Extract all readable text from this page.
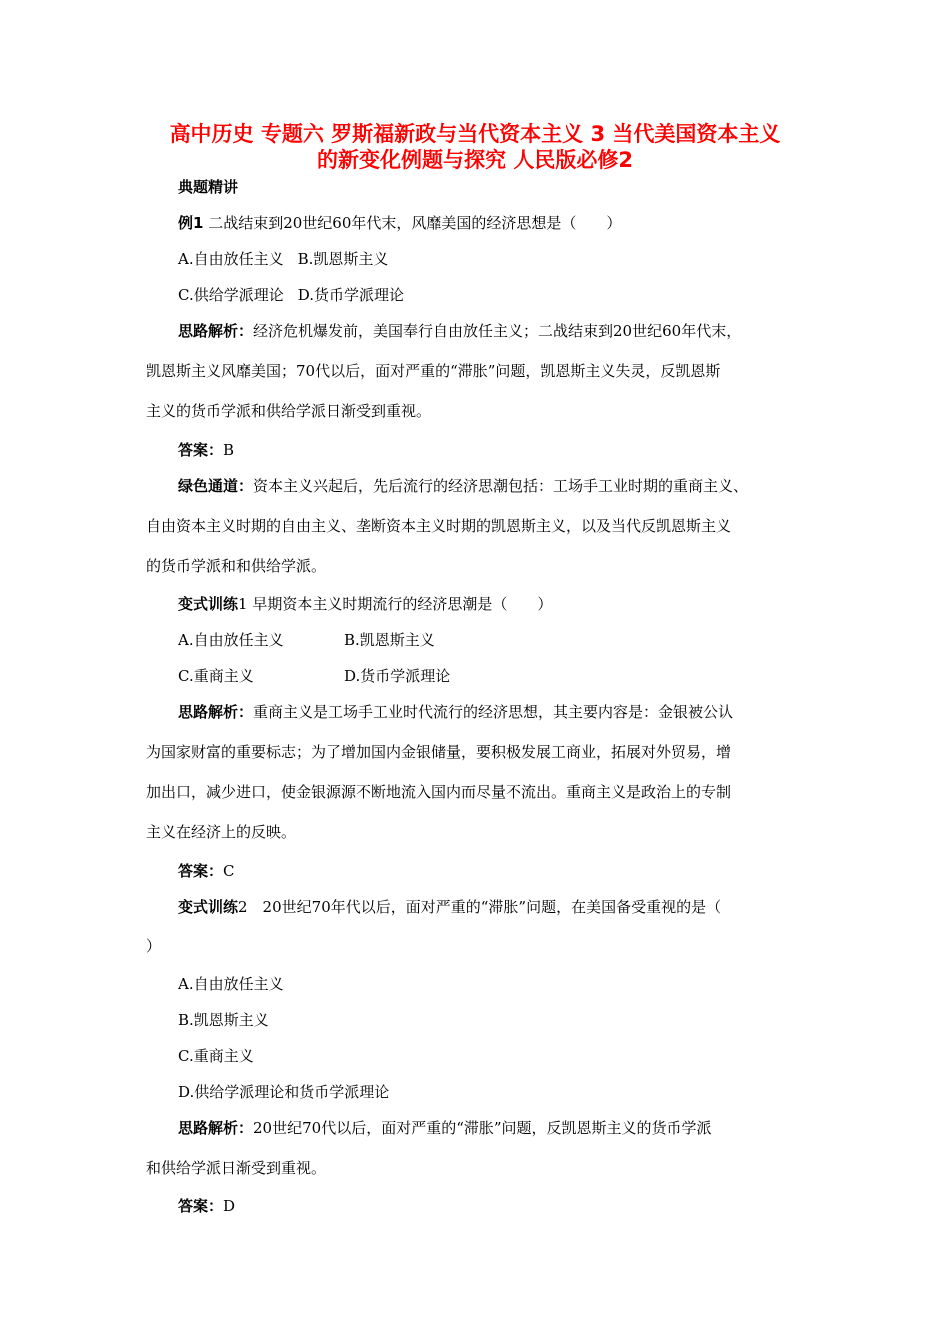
高中历史 专题六 罗斯福新政与当代资本主义 3 当代美国资本主义
的新变化例题与探究 人民版必修2
典题精讲
例1 二战结束到20世纪60年代末，风靡美国的经济思想是（　　）
A.自由放任主义 B.凯恩斯主义
C.供给学派理论 D.货币学派理论
思路解析：经济危机爆发前，美国奉行自由放任主义；二战结束到20世纪60年代末，
凯恩斯主义风靡美国；70代以后，面对严重的“滞胀”问题，凯恩斯主义失灵，反凯恩斯
主义的货币学派和供给学派日渐受到重视。
答案：B
绿色通道：资本主义兴起后，先后流行的经济思潮包括：工场手工业时期的重商主义、
自由资本主义时期的自由主义、垄断资本主义时期的凯恩斯主义，以及当代反凯恩斯主义
的货币学派和和供给学派。
变式训练1 早期资本主义时期流行的经济思潮是（　　）
A.自由放任主义	B.凯恩斯主义
C.重商主义	D.货币学派理论
思路解析：重商主义是工场手工业时代流行的经济思想，其主要内容是：金银被公认
为国家财富的重要标志；为了增加国内金银储量，要积极发展工商业，拓展对外贸易，增
加出口，减少进口，使金银源源不断地流入国内而尽量不流出。重商主义是政治上的专制
主义在经济上的反映。
答案：C
变式训练2　20世纪70年代以后，面对严重的“滞胀”问题，在美国备受重视的是（
）
A.自由放任主义
B.凯恩斯主义
C.重商主义
D.供给学派理论和货币学派理论
思路解析：20世纪70代以后，面对严重的“滞胀”问题，反凯恩斯主义的货币学派
和供给学派日渐受到重视。
答案：D
